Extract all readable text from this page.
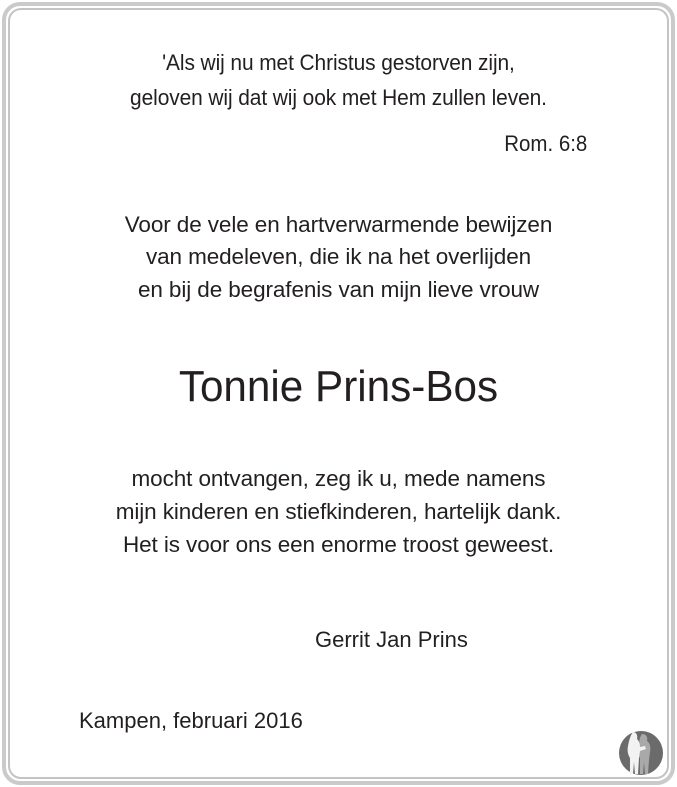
'Als wij nu met Christus gestorven zijn,
geloven wij dat wij ook met Hem zullen leven.
Rom. 6:8
Voor de vele en hartverwarmende bewijzen
van medeleven, die ik na het overlijden
en bij de begrafenis van mijn lieve vrouw
Tonnie Prins-Bos
mocht ontvangen, zeg ik u, mede namens
mijn kinderen en stiefkinderen, hartelijk dank.
Het is voor ons een enorme troost geweest.
Gerrit Jan Prins
Kampen, februari 2016
